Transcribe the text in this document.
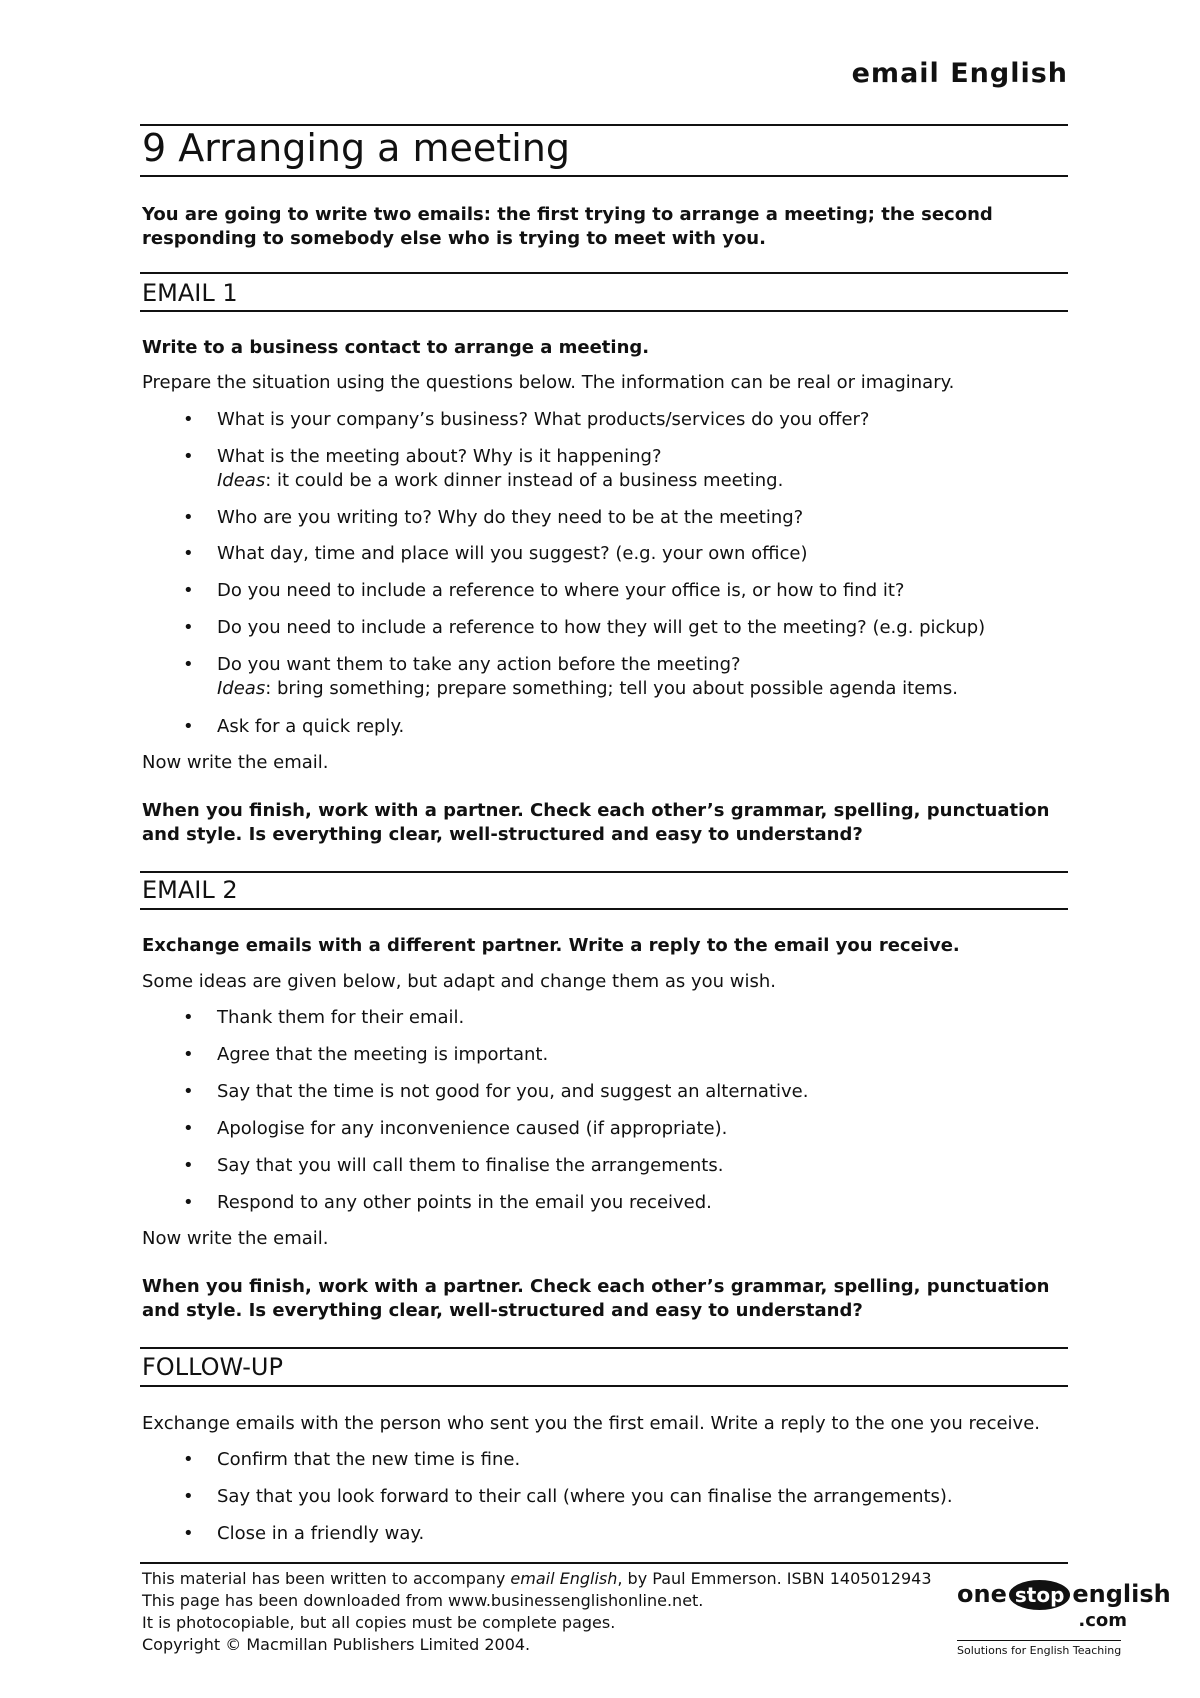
email English
9 Arranging a meeting
You are going to write two emails: the first trying to arrange a meeting; the second responding to somebody else who is trying to meet with you.
EMAIL 1
Write to a business contact to arrange a meeting.
Prepare the situation using the questions below. The information can be real or imaginary.
• What is your company’s business? What products/services do you offer?
• What is the meeting about? Why is it happening?
Ideas: it could be a work dinner instead of a business meeting.
• Who are you writing to? Why do they need to be at the meeting?
• What day, time and place will you suggest? (e.g. your own office)
• Do you need to include a reference to where your office is, or how to find it?
• Do you need to include a reference to how they will get to the meeting? (e.g. pickup)
• Do you want them to take any action before the meeting?
Ideas: bring something; prepare something; tell you about possible agenda items.
• Ask for a quick reply.
Now write the email.
When you finish, work with a partner. Check each other’s grammar, spelling, punctuation and style. Is everything clear, well-structured and easy to understand?
EMAIL 2
Exchange emails with a different partner. Write a reply to the email you receive.
Some ideas are given below, but adapt and change them as you wish.
• Thank them for their email.
• Agree that the meeting is important.
• Say that the time is not good for you, and suggest an alternative.
• Apologise for any inconvenience caused (if appropriate).
• Say that you will call them to finalise the arrangements.
• Respond to any other points in the email you received.
Now write the email.
When you finish, work with a partner. Check each other’s grammar, spelling, punctuation and style. Is everything clear, well-structured and easy to understand?
FOLLOW-UP
Exchange emails with the person who sent you the first email. Write a reply to the one you receive.
• Confirm that the new time is fine.
• Say that you look forward to their call (where you can finalise the arrangements).
• Close in a friendly way.
This material has been written to accompany email English, by Paul Emmerson. ISBN 1405012943
This page has been downloaded from www.businessenglishonline.net.
It is photocopiable, but all copies must be complete pages.
Copyright © Macmillan Publishers Limited 2004.
one stop english
.com
Solutions for English Teaching
